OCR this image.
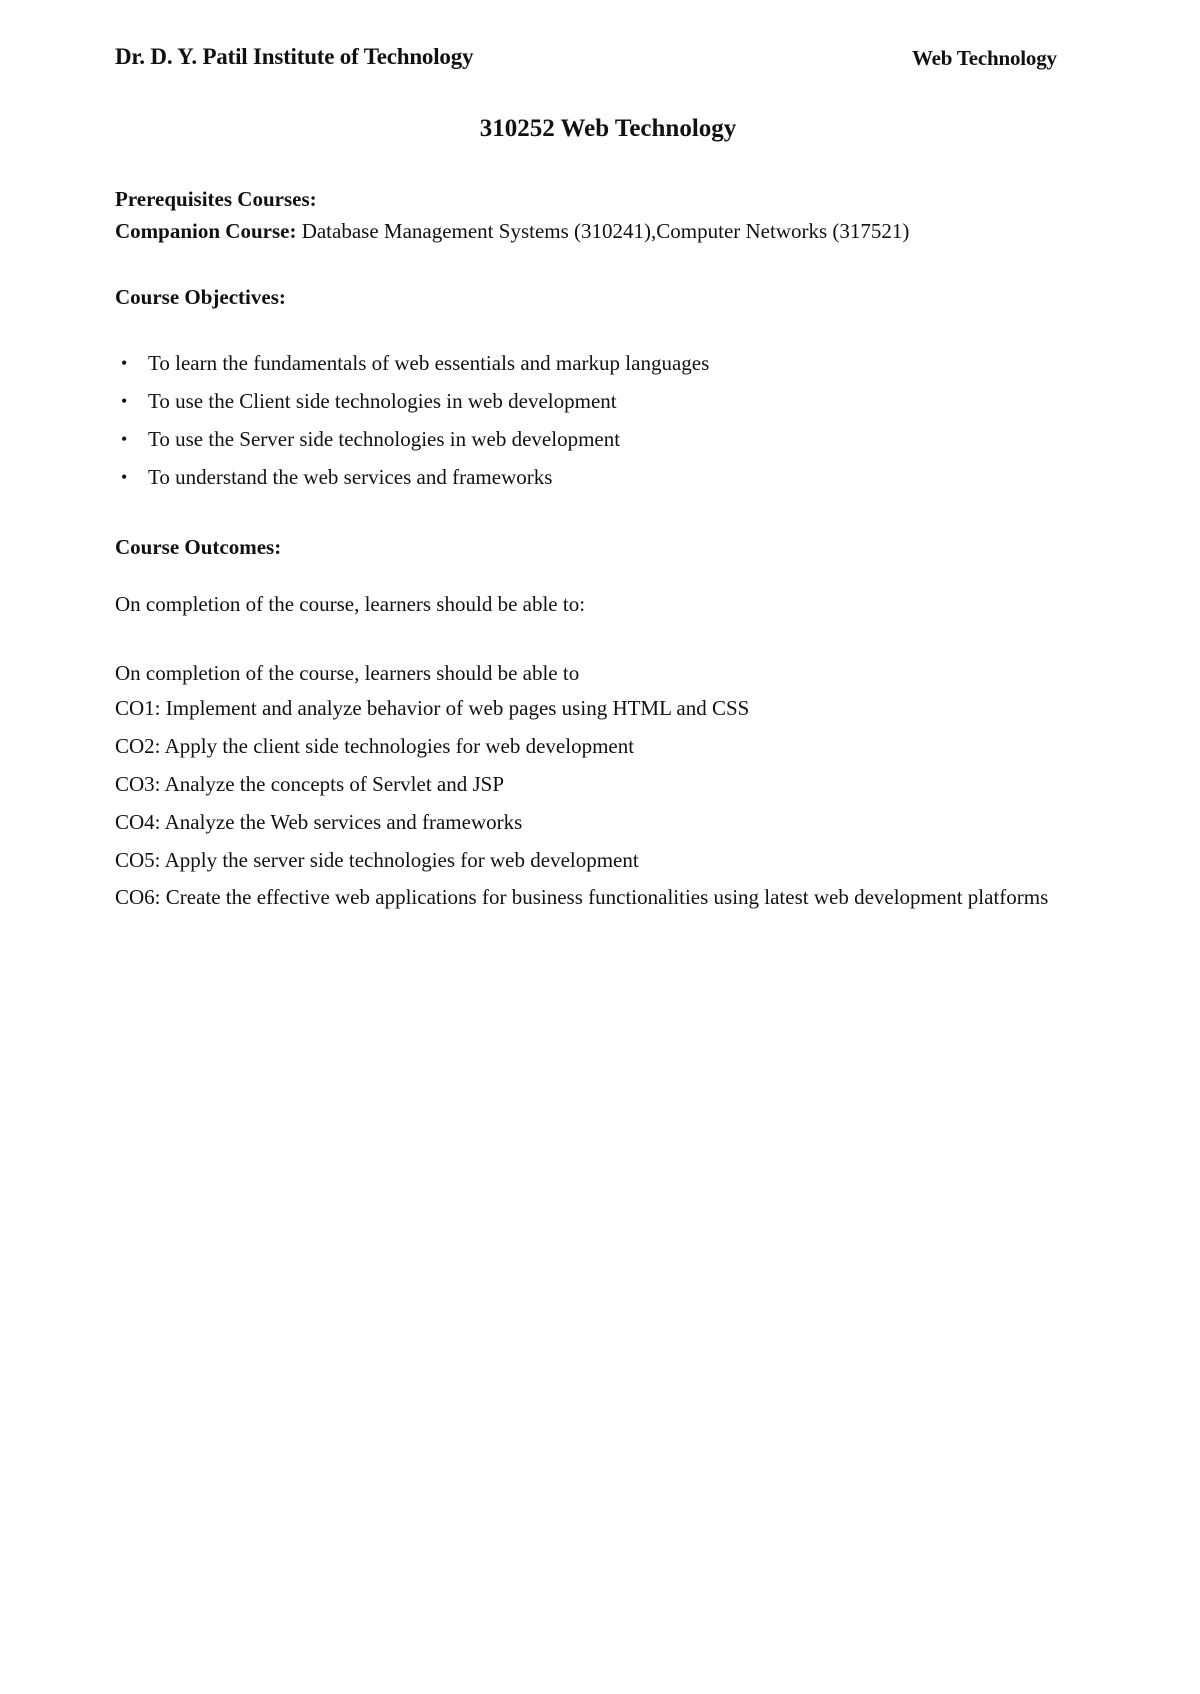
Dr. D. Y. Patil Institute of Technology	Web Technology
310252 Web Technology
Prerequisites Courses:
Companion Course: Database Management Systems (310241),Computer Networks (317521)
Course Objectives:
• To learn the fundamentals of web essentials and markup languages
• To use the Client side technologies in web development
• To use the Server side technologies in web development
• To understand the web services and frameworks
Course Outcomes:
On completion of the course, learners should be able to:
On completion of the course, learners should be able to
CO1: Implement and analyze behavior of web pages using HTML and CSS
CO2: Apply the client side technologies for web development
CO3: Analyze the concepts of Servlet and JSP
CO4: Analyze the Web services and frameworks
CO5: Apply the server side technologies for web development
CO6: Create the effective web applications for business functionalities using latest web development platforms
